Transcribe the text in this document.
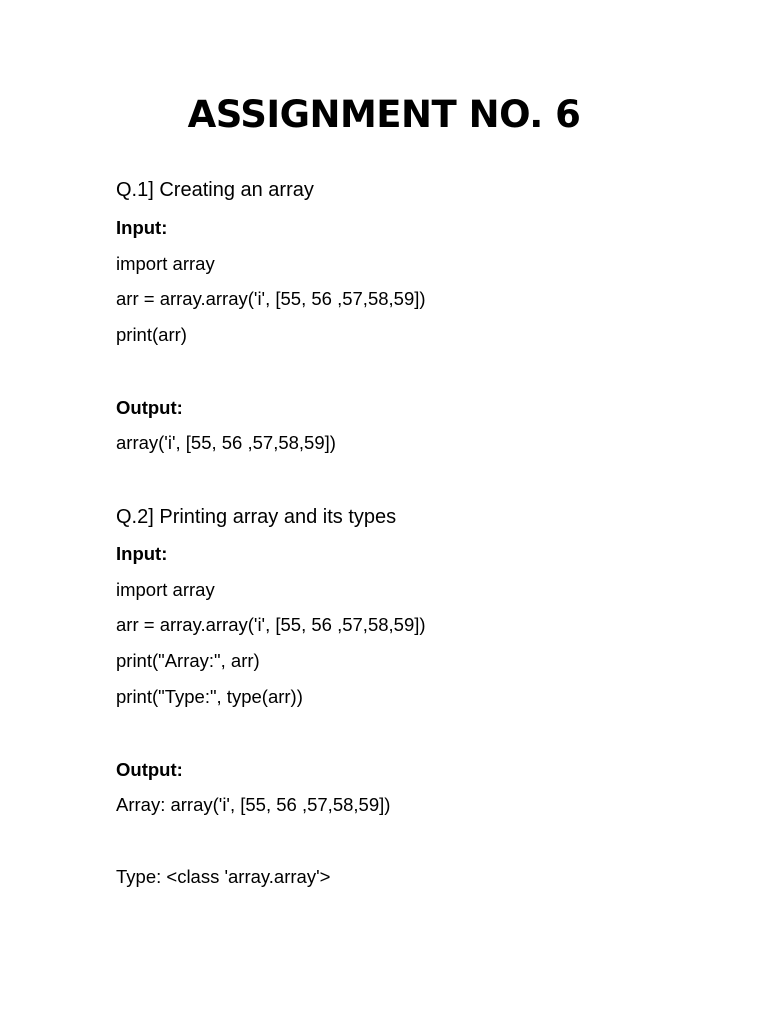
ASSIGNMENT NO. 6

Q.1] Creating an array

Input:

import array

arr = array.array('i', [55, 56 ,57,58,59])

print(arr)

Output:

array('i', [55, 56 ,57,58,59])

Q.2] Printing array and its types

Input:

import array

arr = array.array('i', [55, 56 ,57,58,59])

print("Array:", arr)

print("Type:", type(arr))

Output:

Array: array('i', [55, 56 ,57,58,59])

Type: <class 'array.array'>
